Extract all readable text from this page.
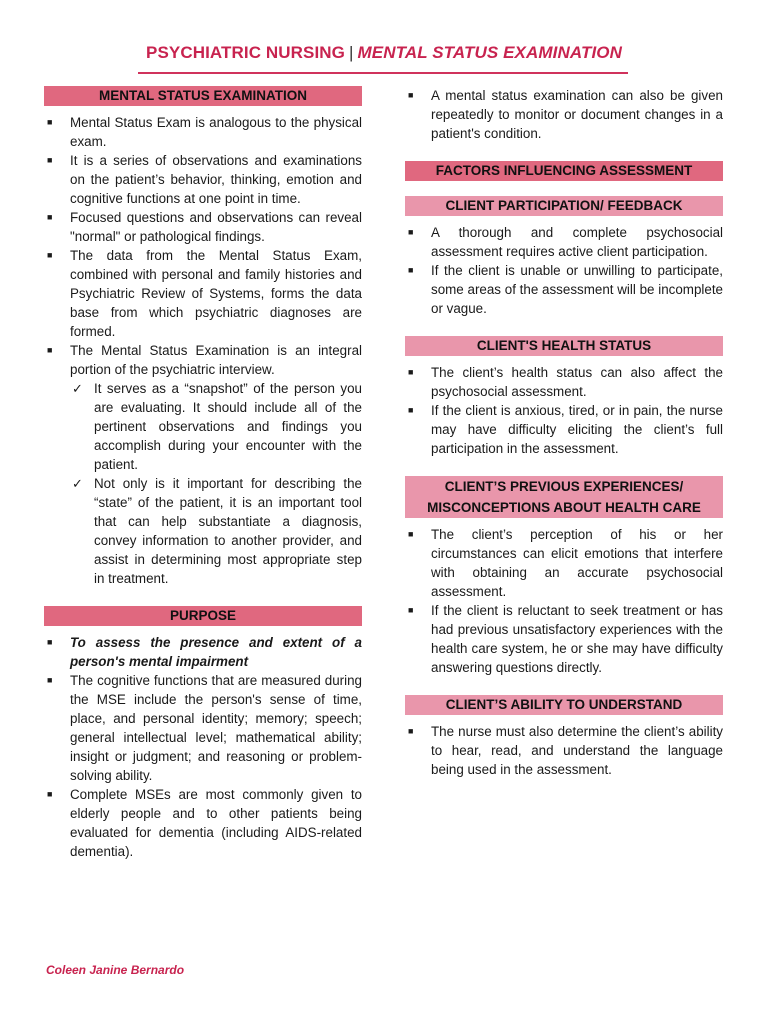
PSYCHIATRIC NURSING | MENTAL STATUS EXAMINATION
MENTAL STATUS EXAMINATION
■ Mental Status Exam is analogous to the physical exam.
■ It is a series of observations and examinations on the patient’s behavior, thinking, emotion and cognitive functions at one point in time.
■ Focused questions and observations can reveal "normal" or pathological findings.
■ The data from the Mental Status Exam, combined with personal and family histories and Psychiatric Review of Systems, forms the data base from which psychiatric diagnoses are formed.
■ The Mental Status Examination is an integral portion of the psychiatric interview.
✓ It serves as a “snapshot” of the person you are evaluating. It should include all of the pertinent observations and findings you accomplish during your encounter with the patient.
✓ Not only is it important for describing the “state” of the patient, it is an important tool that can help substantiate a diagnosis, convey information to another provider, and assist in determining most appropriate step in treatment.
PURPOSE
■ To assess the presence and extent of a person's mental impairment
■ The cognitive functions that are measured during the MSE include the person's sense of time, place, and personal identity; memory; speech; general intellectual level; mathematical ability; insight or judgment; and reasoning or problem-solving ability.
■ Complete MSEs are most commonly given to elderly people and to other patients being evaluated for dementia (including AIDS-related dementia).
■ A mental status examination can also be given repeatedly to monitor or document changes in a patient's condition.
FACTORS INFLUENCING ASSESSMENT
CLIENT PARTICIPATION/ FEEDBACK
■ A thorough and complete psychosocial assessment requires active client participation.
■ If the client is unable or unwilling to participate, some areas of the assessment will be incomplete or vague.
CLIENT'S HEALTH STATUS
■ The client’s health status can also affect the psychosocial assessment.
■ If the client is anxious, tired, or in pain, the nurse may have difficulty eliciting the client’s full participation in the assessment.
CLIENT’S PREVIOUS EXPERIENCES/
MISCONCEPTIONS ABOUT HEALTH CARE
■ The client’s perception of his or her circumstances can elicit emotions that interfere with obtaining an accurate psychosocial assessment.
■ If the client is reluctant to seek treatment or has had previous unsatisfactory experiences with the health care system, he or she may have difficulty answering questions directly.
CLIENT’S ABILITY TO UNDERSTAND
■ The nurse must also determine the client’s ability to hear, read, and understand the language being used in the assessment.
Coleen Janine Bernardo
